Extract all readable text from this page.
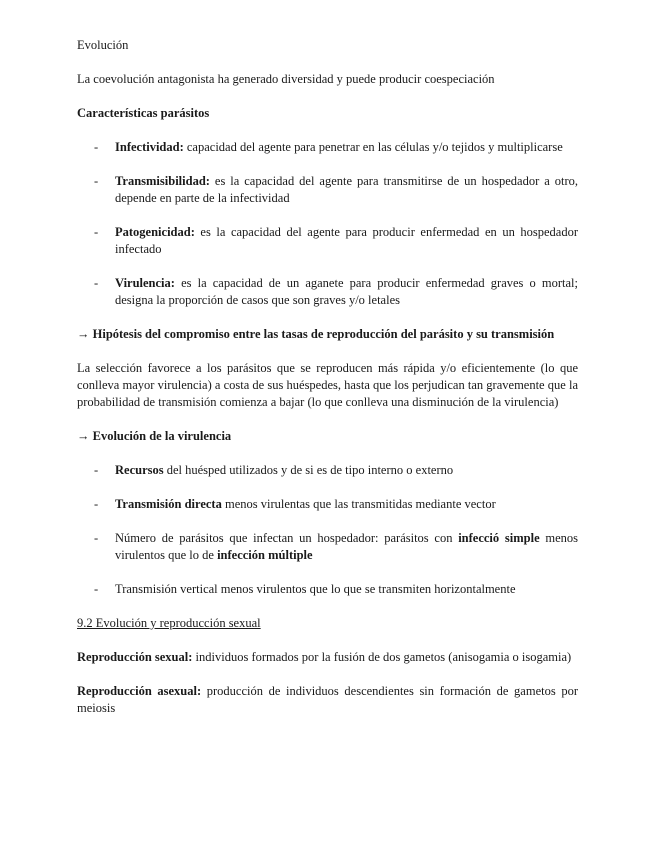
Evolución

La coevolución antagonista ha generado diversidad y puede producir coespeciación

Características parásitos

- Infectividad: capacidad del agente para penetrar en las células y/o tejidos y multiplicarse
- Transmisibilidad: es la capacidad del agente para transmitirse de un hospedador a otro, depende en parte de la infectividad
- Patogenicidad: es la capacidad del agente para producir enfermedad en un hospedador infectado
- Virulencia: es la capacidad de un aganete para producir enfermedad graves o mortal; designa la proporción de casos que son graves y/o letales

→ Hipótesis del compromiso entre las tasas de reproducción del parásito y su transmisión

La selección favorece a los parásitos que se reproducen más rápida y/o eficientemente (lo que conlleva mayor virulencia) a costa de sus huéspedes, hasta que los perjudican tan gravemente que la probabilidad de transmisión comienza a bajar (lo que conlleva una disminución de la virulencia)

→ Evolución de la virulencia

- Recursos del huésped utilizados y de si es de tipo interno o externo
- Transmisión directa menos virulentas que las transmitidas mediante vector
- Número de parásitos que infectan un hospedador: parásitos con infecció simple menos virulentos que lo de infección múltiple
- Transmisión vertical menos virulentos que lo que se transmiten horizontalmente

9.2 Evolución y reproducción sexual

Reproducción sexual: individuos formados por la fusión de dos gametos (anisogamia o isogamia)

Reproducción asexual: producción de individuos descendientes sin formación de gametos por meiosis
